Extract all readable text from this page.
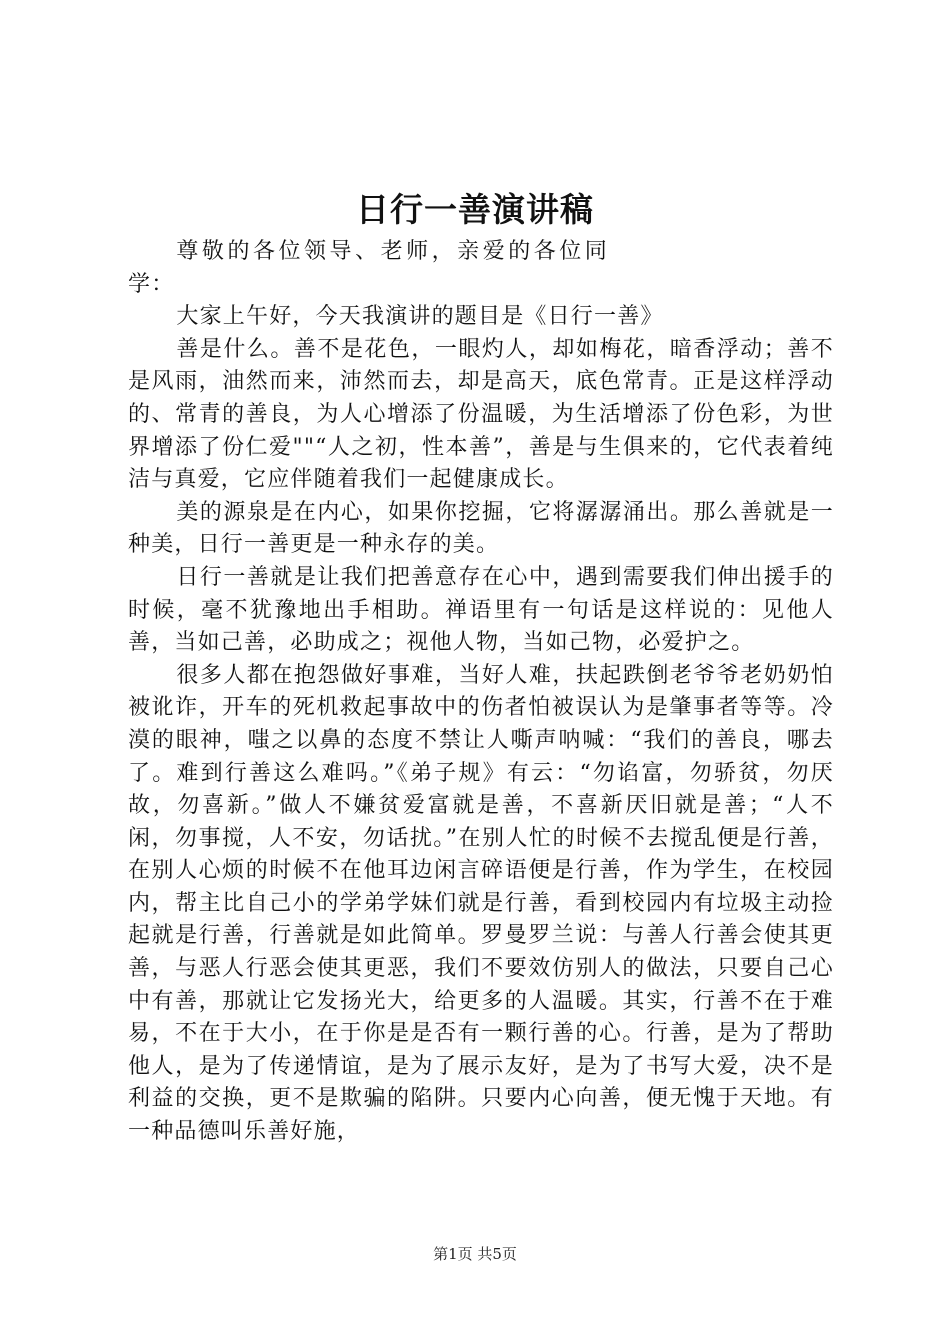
日行一善演讲稿

尊敬的各位领导、老师，亲爱的各位同学：

大家上午好，今天我演讲的题目是《日行一善》

善是什么。善不是花色，一眼灼人，却如梅花，暗香浮动；善不是风雨，油然而来，沛然而去，却是高天，底色常青。正是这样浮动的、常青的善良，为人心增添了份温暖，为生活增添了份色彩，为世界增添了份仁爱""“人之初，性本善”，善是与生俱来的，它代表着纯洁与真爱，它应伴随着我们一起健康成长。

美的源泉是在内心，如果你挖掘，它将潺潺涌出。那么善就是一种美，日行一善更是一种永存的美。

日行一善就是让我们把善意存在心中，遇到需要我们伸出援手的时候，毫不犹豫地出手相助。禅语里有一句话是这样说的：见他人善，当如己善，必助成之；视他人物，当如己物，必爱护之。

很多人都在抱怨做好事难，当好人难，扶起跌倒老爷爷老奶奶怕被讹诈，开车的死机救起事故中的伤者怕被误认为是肇事者等等。冷漠的眼神，嗤之以鼻的态度不禁让人嘶声呐喊：“我们的善良，哪去了。难到行善这么难吗。”《弟子规》有云：“勿谄富，勿骄贫，勿厌故，勿喜新。”做人不嫌贫爱富就是善，不喜新厌旧就是善；“人不闲，勿事搅，人不安，勿话扰。”在别人忙的时候不去搅乱便是行善，在别人心烦的时候不在他耳边闲言碎语便是行善，作为学生，在校园内，帮主比自己小的学弟学妹们就是行善，看到校园内有垃圾主动捡起就是行善，行善就是如此简单。罗曼罗兰说：与善人行善会使其更善，与恶人行恶会使其更恶，我们不要效仿别人的做法，只要自己心中有善，那就让它发扬光大，给更多的人温暖。其实，行善不在于难易，不在于大小，在于你是是否有一颗行善的心。行善，是为了帮助他人，是为了传递情谊，是为了展示友好，是为了书写大爱，决不是利益的交换，更不是欺骗的陷阱。只要内心向善，便无愧于天地。有一种品德叫乐善好施，

第1页 共5页
